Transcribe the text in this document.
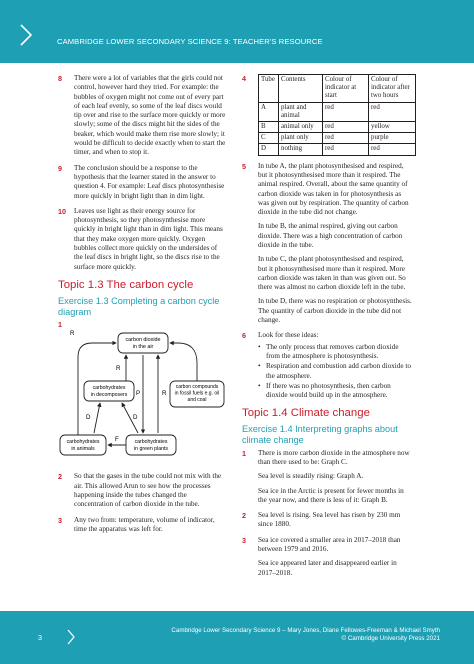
CAMBRIDGE LOWER SECONDARY SCIENCE 9: TEACHER'S RESOURCE
8 There were a lot of variables that the girls could not control, however hard they tried. For example: the bubbles of oxygen might not come out of every part of each leaf evenly, so some of the leaf discs would tip over and rise to the surface more quickly or more slowly; some of the discs might hit the sides of the beaker, which would make them rise more slowly; it would be difficult to decide exactly when to start the timer, and when to stop it.
9 The conclusion should be a response to the hypothesis that the learner stated in the answer to question 4. For example: Leaf discs photosynthesise more quickly in bright light than in dim light.
10 Leaves use light as their energy source for photosynthesis, so they photosynthesise more quickly in bright light than in dim light. This means that they make oxygen more quickly. Oxygen bubbles collect more quickly on the undersides of the leaf discs in bright light, so the discs rise to the surface more quickly.
Topic 1.3 The carbon cycle
Exercise 1.3 Completing a carbon cycle diagram
1
carbon dioxide
in the air
carbohydrates
in decomposers
carbon compounds
in fossil fuels e.g. oil
and coal
carbohydrates
in animals
carbohydrates
in green plants
R
R
R
P
D	D
F
2 So that the gases in the tube could not mix with the air. This allowed Arun to see how the processes happening inside the tubes changed the concentration of carbon dioxide in the tube.
3 Any two from: temperature, volume of indicator, time the apparatus was left for.
4 Tube	Contents	Colour of indicator at start	Colour of indicator after two hours
A	plant and animal	red	red
B	animal only	red	yellow
C	plant only	red	purple
D	nothing	red	red
5 In tube A, the plant photosynthesised and respired, but it photosynthesised more than it respired. The animal respired. Overall, about the same quantity of carbon dioxide was taken in for photosynthesis as was given out by respiration. The quantity of carbon dioxide in the tube did not change.
In tube B, the animal respired, giving out carbon dioxide. There was a high concentration of carbon dioxide in the tube.
In tube C, the plant photosynthesised and respired, but it photosynthesised more than it respired. More carbon dioxide was taken in than was given out. So there was almost no carbon dioxide left in the tube.
In tube D, there was no respiration or photosynthesis. The quantity of carbon dioxide in the tube did not change.
6 Look for these ideas:
• The only process that removes carbon dioxide from the atmosphere is photosynthesis.
• Respiration and combustion add carbon dioxide to the atmosphere.
• If there was no photosynthesis, then carbon dioxide would build up in the atmosphere.
Topic 1.4 Climate change
Exercise 1.4 Interpreting graphs about climate change
1 There is more carbon dioxide in the atmosphere now than there used to be: Graph C.
Sea level is steadily rising: Graph A.
Sea ice in the Arctic is present for fewer months in the year now, and there is less of it: Graph B.
2 Sea level is rising. Sea level has risen by 230 mm since 1880.
3 Sea ice covered a smaller area in 2017–2018 than between 1979 and 2016.
Sea ice appeared later and disappeared earlier in 2017–2018.
3
Cambridge Lower Secondary Science 9 – Mary Jones, Diane Fellowes-Freeman & Michael Smyth
© Cambridge University Press 2021
